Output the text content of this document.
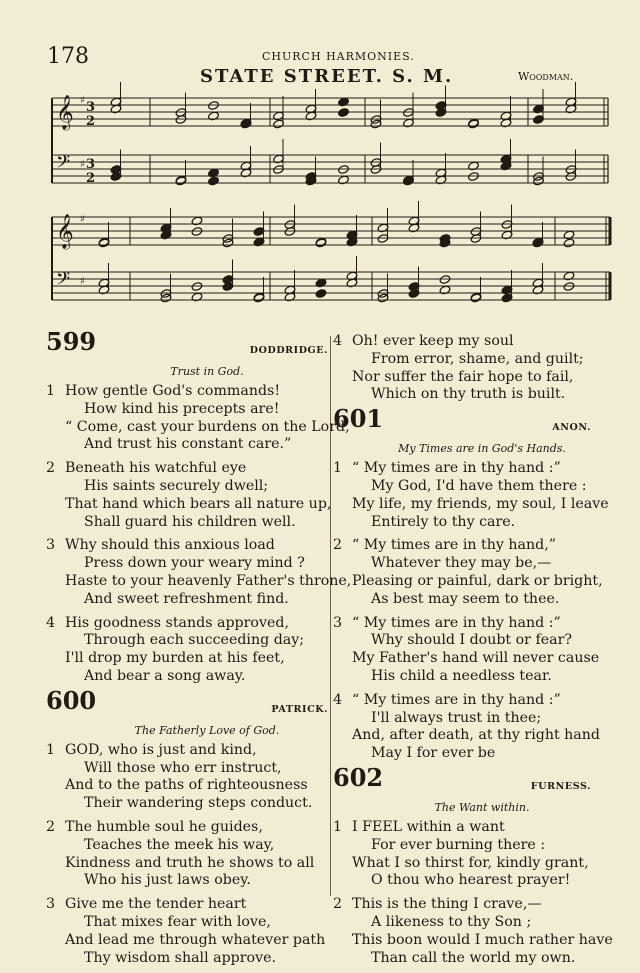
178	CHURCH HARMONIES.
STATE STREET. S. M.	Woodman.
𝄞 ♯ 3
2
𝄢 ♯ 3
2
𝄞 ♯
𝄢 ♯
599	DODDRIDGE.
Trust in God.
1 How gentle God's commands!
How kind his precepts are!
“ Come, cast your burdens on the Lord,
And trust his constant care.”
2 Beneath his watchful eye
His saints securely dwell;
That hand which bears all nature up,
Shall guard his children well.
3 Why should this anxious load
Press down your weary mind ?
Haste to your heavenly Father's throne,
And sweet refreshment find.
4 His goodness stands approved,
Through each succeeding day;
I'll drop my burden at his feet,
And bear a song away.
600	PATRICK.
The Fatherly Love of God.
1 GOD, who is just and kind,
Will those who err instruct,
And to the paths of righteousness
Their wandering steps conduct.
2 The humble soul he guides,
Teaches the meek his way,
Kindness and truth he shows to all
Who his just laws obey.
3 Give me the tender heart
That mixes fear with love,
And lead me through whatever path
Thy wisdom shall approve.
4 Oh! ever keep my soul
From error, shame, and guilt;
Nor suffer the fair hope to fail,
Which on thy truth is built.
601	ANON.
My Times are in God's Hands.
1 “ My times are in thy hand :”
My God, I'd have them there :
My life, my friends, my soul, I leave
Entirely to thy care.
2 “ My times are in thy hand,”
Whatever they may be,—
Pleasing or painful, dark or bright,
As best may seem to thee.
3 “ My times are in thy hand :”
Why should I doubt or fear?
My Father's hand will never cause
His child a needless tear.
4 “ My times are in thy hand :”
I'll always trust in thee;
And, after death, at thy right hand
May I for ever be
602	FURNESS.
The Want within.
1 I FEEL within a want
For ever burning there :
What I so thirst for, kindly grant,
O thou who hearest prayer!
2 This is the thing I crave,—
A likeness to thy Son ;
This boon would I much rather have
Than call the world my own.
